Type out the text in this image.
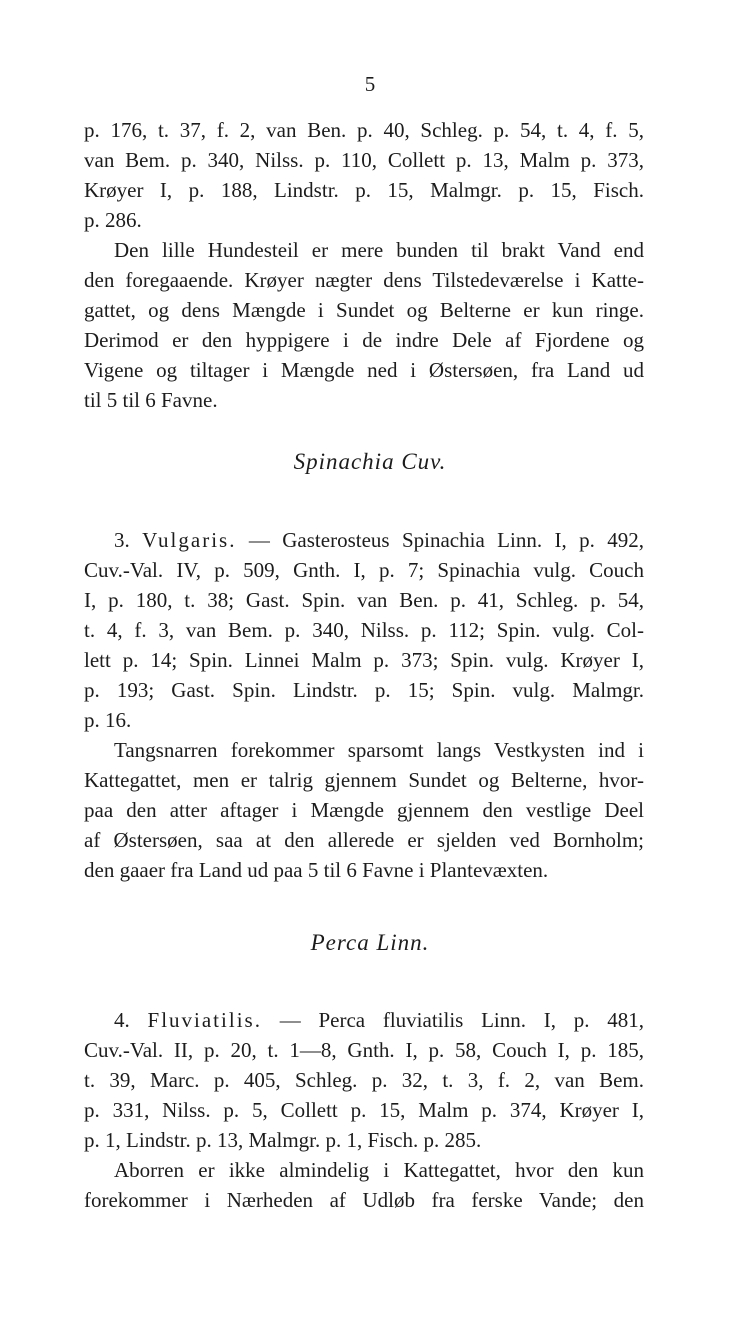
5
p. 176, t. 37, f. 2, van Ben. p. 40, Schleg. p. 54, t. 4, f. 5,
van Bem. p. 340, Nilss. p. 110, Collett p. 13, Malm p. 373,
Krøyer I, p. 188, Lindstr. p. 15, Malmgr. p. 15, Fisch.
p. 286.
Den lille Hundesteil er mere bunden til brakt Vand end
den foregaaende. Krøyer nægter dens Tilstedeværelse i Katte-
gattet, og dens Mængde i Sundet og Belterne er kun ringe.
Derimod er den hyppigere i de indre Dele af Fjordene og
Vigene og tiltager i Mængde ned i Østersøen, fra Land ud
til 5 til 6 Favne.
Spinachia Cuv.
3. Vulgaris. — Gasterosteus Spinachia Linn. I, p. 492,
Cuv.-Val. IV, p. 509, Gnth. I, p. 7; Spinachia vulg. Couch
I, p. 180, t. 38; Gast. Spin. van Ben. p. 41, Schleg. p. 54,
t. 4, f. 3, van Bem. p. 340, Nilss. p. 112; Spin. vulg. Col-
lett p. 14; Spin. Linnei Malm p. 373; Spin. vulg. Krøyer I,
p. 193; Gast. Spin. Lindstr. p. 15; Spin. vulg. Malmgr.
p. 16.
Tangsnarren forekommer sparsomt langs Vestkysten ind i
Kattegattet, men er talrig gjennem Sundet og Belterne, hvor-
paa den atter aftager i Mængde gjennem den vestlige Deel
af Østersøen, saa at den allerede er sjelden ved Bornholm;
den gaaer fra Land ud paa 5 til 6 Favne i Plantevæxten.
Perca Linn.
4. Fluviatilis. — Perca fluviatilis Linn. I, p. 481,
Cuv.-Val. II, p. 20, t. 1—8, Gnth. I, p. 58, Couch I, p. 185,
t. 39, Marc. p. 405, Schleg. p. 32, t. 3, f. 2, van Bem.
p. 331, Nilss. p. 5, Collett p. 15, Malm p. 374, Krøyer I,
p. 1, Lindstr. p. 13, Malmgr. p. 1, Fisch. p. 285.
Aborren er ikke almindelig i Kattegattet, hvor den kun
forekommer i Nærheden af Udløb fra ferske Vande; den
